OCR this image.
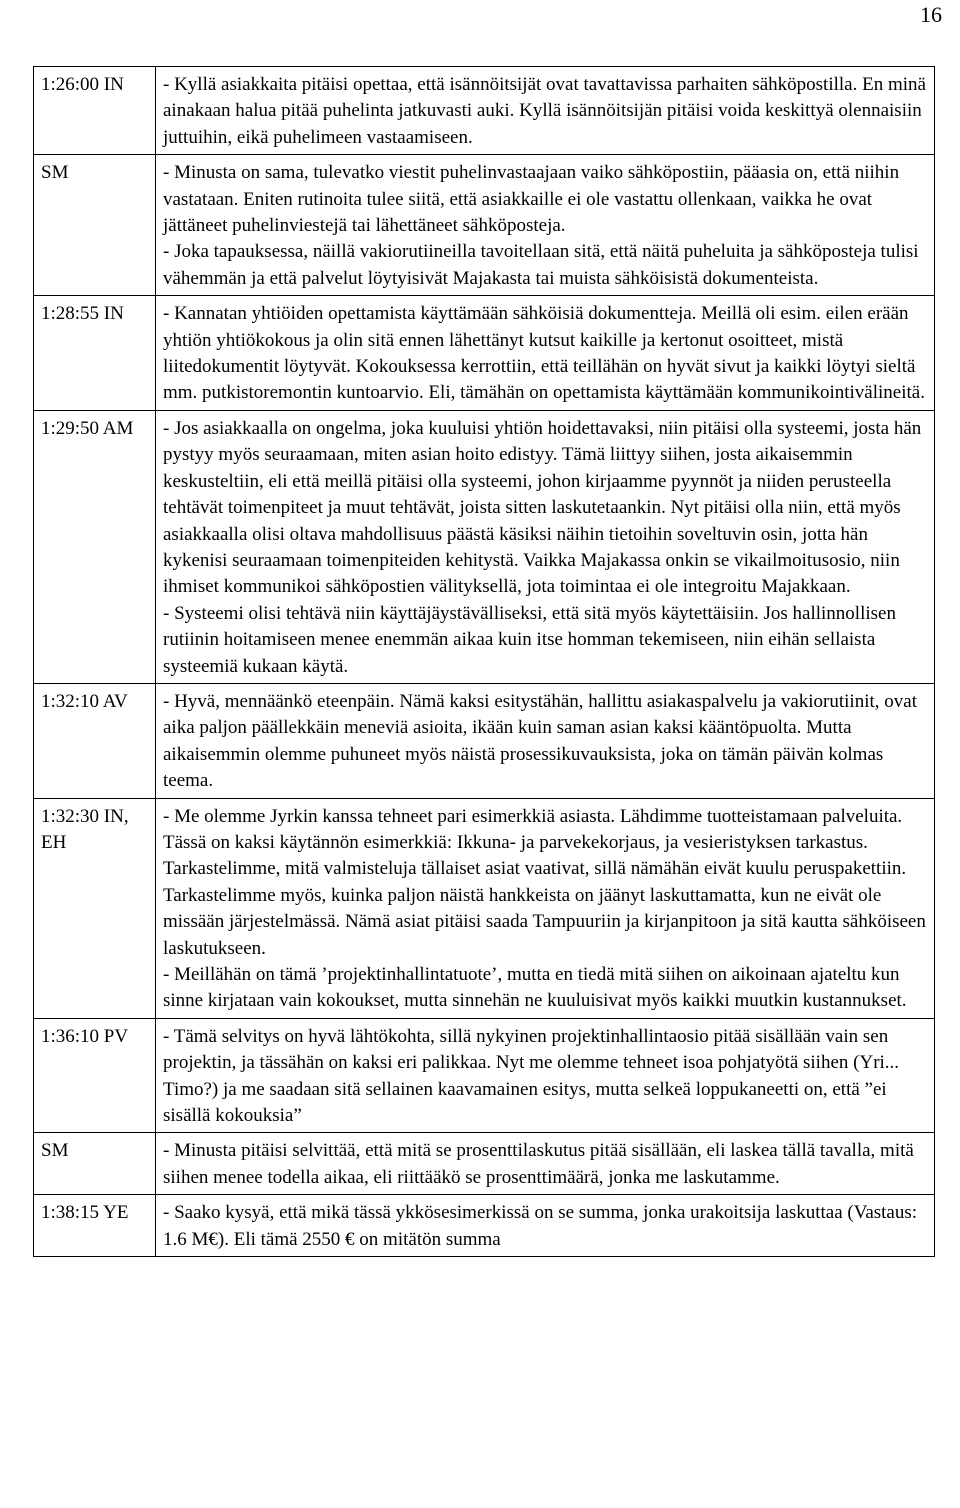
16
1:26:00 IN	- Kyllä asiakkaita pitäisi opettaa, että isännöitsijät ovat tavattavissa parhaiten sähköpostilla. En minä ainakaan halua pitää puhelinta jatkuvasti auki. Kyllä isännöitsijän pitäisi voida keskittyä olennaisiin juttuihin, eikä puhelimeen vastaamiseen.

SM	- Minusta on sama, tulevatko viestit puhelinvastaajaan vaiko sähköpostiin, pääasia on, että niihin vastataan. Eniten rutinoita tulee siitä, että asiakkaille ei ole vastattu ollenkaan, vaikka he ovat jättäneet puhelinviestejä tai lähettäneet sähköposteja.
- Joka tapauksessa, näillä vakiorutiineilla tavoitellaan sitä, että näitä puheluita ja sähköposteja tulisi vähemmän ja että palvelut löytyisivät Majakasta tai muista sähköisistä dokumenteista.

1:28:55 IN	- Kannatan yhtiöiden opettamista käyttämään sähköisiä dokumentteja. Meillä oli esim. eilen erään yhtiön yhtiökokous ja olin sitä ennen lähettänyt kutsut kaikille ja kertonut osoitteet, mistä liitedokumentit löytyvät. Kokouksessa kerrottiin, että teillähän on hyvät sivut ja kaikki löytyi sieltä mm. putkistoremontin kuntoarvio. Eli, tämähän on opettamista käyttämään kommunikointivälineitä.

1:29:50 AM	- Jos asiakkaalla on ongelma, joka kuuluisi yhtiön hoidettavaksi, niin pitäisi olla systeemi, josta hän pystyy myös seuraamaan, miten asian hoito edistyy. Tämä liittyy siihen, josta aikaisemmin keskusteltiin, eli että meillä pitäisi olla systeemi, johon kirjaamme pyynnöt ja niiden perusteella tehtävät toimenpiteet ja muut tehtävät, joista sitten laskutetaankin. Nyt pitäisi olla niin, että myös asiakkaalla olisi oltava mahdollisuus päästä käsiksi näihin tietoihin soveltuvin osin, jotta hän kykenisi seuraamaan toimenpiteiden kehitystä. Vaikka Majakassa onkin se vikailmoitusosio, niin ihmiset kommunikoi sähköpostien välityksellä, jota toimintaa ei ole integroitu Majakkaan.
- Systeemi olisi tehtävä niin käyttäjäystävälliseksi, että sitä myös käytettäisiin. Jos hallinnollisen rutiinin hoitamiseen menee enemmän aikaa kuin itse homman tekemiseen, niin eihän sellaista systeemiä kukaan käytä.

1:32:10 AV	- Hyvä, mennäänkö eteenpäin. Nämä kaksi esitystähän, hallittu asiakaspalvelu ja vakiorutiinit, ovat aika paljon päällekkäin meneviä asioita, ikään kuin saman asian kaksi kääntöpuolta. Mutta aikaisemmin olemme puhuneet myös näistä prosessikuvauksista, joka on tämän päivän kolmas teema.

1:32:30 IN, EH	- Me olemme Jyrkin kanssa tehneet pari esimerkkiä asiasta. Lähdimme tuotteistamaan palveluita. Tässä on kaksi käytännön esimerkkiä: Ikkuna- ja parvekekorjaus, ja vesieristyksen tarkastus. Tarkastelimme, mitä valmisteluja tällaiset asiat vaativat, sillä nämähän eivät kuulu peruspakettiin. Tarkastelimme myös, kuinka paljon näistä hankkeista on jäänyt laskuttamatta, kun ne eivät ole missään järjestelmässä. Nämä asiat pitäisi saada Tampuuriin ja kirjanpitoon ja sitä kautta sähköiseen laskutukseen.
- Meillähän on tämä ’projektinhallintatuote’, mutta en tiedä mitä siihen on aikoinaan ajateltu kun sinne kirjataan vain kokoukset, mutta sinnehän ne kuuluisivat myös kaikki muutkin kustannukset.

1:36:10 PV	- Tämä selvitys on hyvä lähtökohta, sillä nykyinen projektinhallintaosio pitää sisällään vain sen projektin, ja tässähän on kaksi eri palikkaa. Nyt me olemme tehneet isoa pohjatyötä siihen (Yri... Timo?) ja me saadaan sitä sellainen kaavamainen esitys, mutta selkeä loppukaneetti on, että ”ei sisällä kokouksia”

SM	- Minusta pitäisi selvittää, että mitä se prosenttilaskutus pitää sisällään, eli laskea tällä tavalla, mitä siihen menee todella aikaa, eli riittääkö se prosenttimäärä, jonka me laskutamme.

1:38:15 YE	- Saako kysyä, että mikä tässä ykkösesimerkissä on se summa, jonka urakoitsija laskuttaa (Vastaus: 1.6 M€). Eli tämä 2550 € on mitätön summa
